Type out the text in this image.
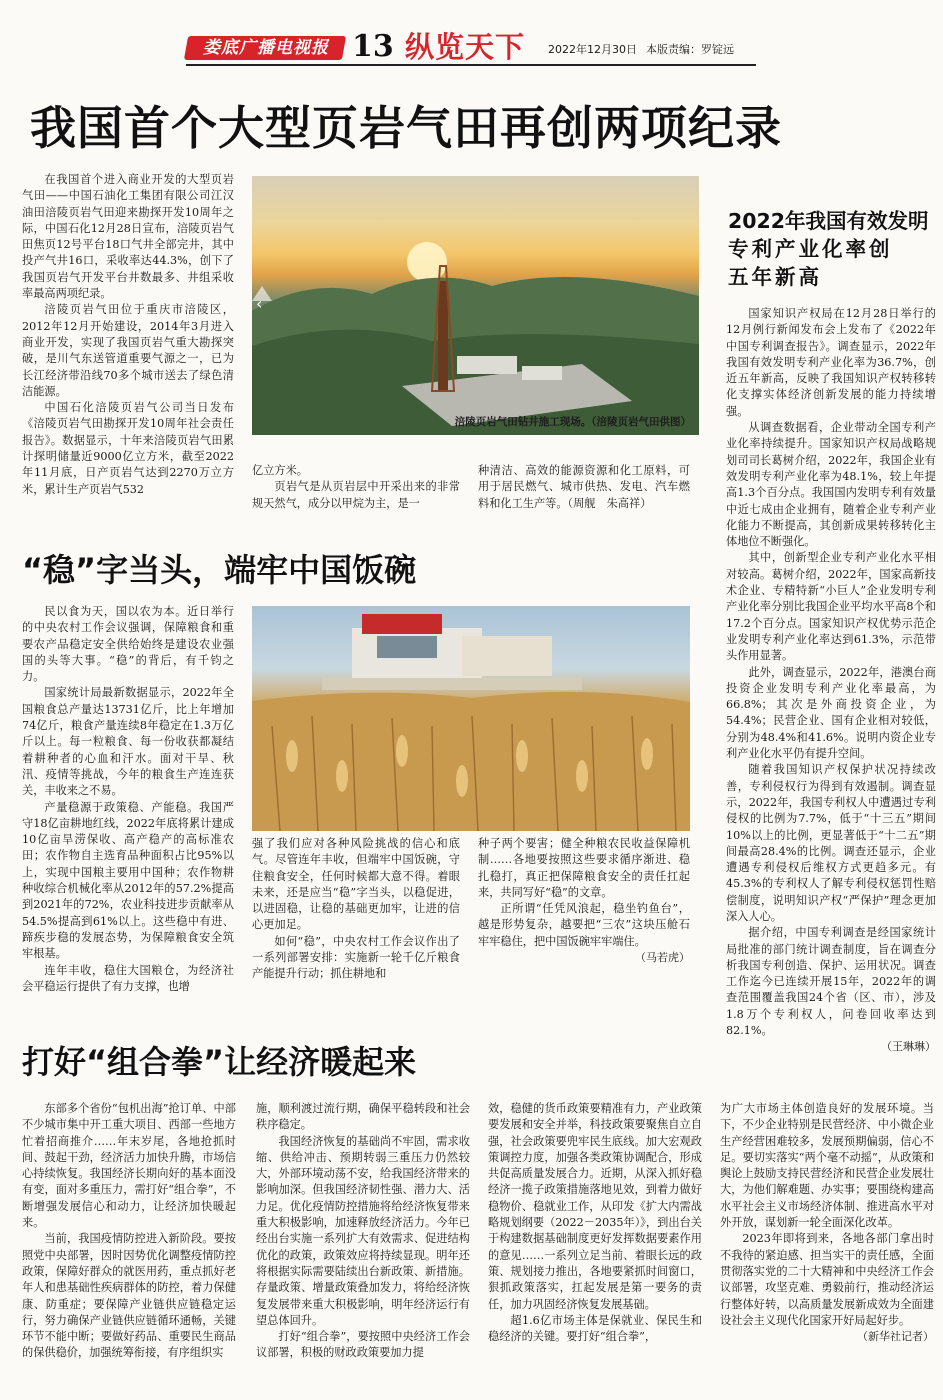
娄底广播电视报 13 纵览天下 2022年12月30日 本版责编：罗锭远
我国首个大型页岩气田再创两项纪录

在我国首个进入商业开发的大型页岩气田——中国石油化工集团有限公司江汉油田涪陵页岩气田迎来勘探开发10周年之际，中国石化12月28日宣布，涪陵页岩气田焦页12号平台18口气井全部完井，其中投产气井16口，采收率达44.3%，创下了我国页岩气开发平台井数最多、井组采收率最高两项纪录。

涪陵页岩气田位于重庆市涪陵区，2012年12月开始建设，2014年3月进入商业开发，实现了我国页岩气重大勘探突破，是川气东送管道重要气源之一，已为长江经济带沿线70多个城市送去了绿色清洁能源。

中国石化涪陵页岩气公司当日发布《涪陵页岩气田勘探开发10周年社会责任报告》。数据显示，十年来涪陵页岩气田累计探明储量近9000亿立方米，截至2022年11月底，日产页岩气达到2270万立方米，累计生产页岩气532

‹
涪陵页岩气田钻井施工现场。（涪陵页岩气田供图）

亿立方米。

页岩气是从页岩层中开采出来的非常规天然气，成分以甲烷为主，是一

种清洁、高效的能源资源和化工原料，可用于居民燃气、城市供热、发电、汽车燃料和化工生产等。（周舰　朱高祥）

“稳”字当头，端牢中国饭碗

民以食为天，国以农为本。近日举行的中央农村工作会议强调，保障粮食和重要农产品稳定安全供给始终是建设农业强国的头等大事。“稳”的背后，有千钧之力。

国家统计局最新数据显示，2022年全国粮食总产量达13731亿斤，比上年增加74亿斤，粮食产量连续8年稳定在1.3万亿斤以上。每一粒粮食、每一份收获都凝结着耕种者的心血和汗水。面对干旱、秋汛、疫情等挑战，今年的粮食生产连连获关，丰收来之不易。

产量稳源于政策稳、产能稳。我国严守18亿亩耕地红线，2022年底将累计建成10亿亩旱涝保收、高产稳产的高标准农田；农作物自主选育品种面积占比95%以上，实现中国粮主要用中国种；农作物耕种收综合机械化率从2012年的57.2%提高到2021年的72%，农业科技进步贡献率从54.5%提高到61%以上。这些稳中有进、蹄疾步稳的发展态势，为保障粮食安全筑牢根基。

连年丰收，稳住大国粮仓，为经济社会平稳运行提供了有力支撑，也增

强了我们应对各种风险挑战的信心和底气。尽管连年丰收，但端牢中国饭碗，守住粮食安全，任何时候都大意不得。着眼未来，还是应当“稳”字当头，以稳促进，以进固稳，让稳的基础更加牢，让进的信心更加足。

如何“稳”，中央农村工作会议作出了一系列部署安排：实施新一轮千亿斤粮食产能提升行动；抓住耕地和

种子两个要害；健全种粮农民收益保障机制……各地要按照这些要求循序渐进、稳扎稳打，真正把保障粮食安全的责任扛起来，共同写好“稳”的文章。

正所谓“任凭风浪起，稳坐钓鱼台”，越是形势复杂，越要把“三农”这块压舱石牢牢稳住，把中国饭碗牢牢端住。

（马若虎）
2022年我国有效发明
专利产业化率创
五年新高

国家知识产权局在12月28日举行的12月例行新闻发布会上发布了《2022年中国专利调查报告》。调查显示，2022年我国有效发明专利产业化率为36.7%，创近五年新高，反映了我国知识产权转移转化支撑实体经济创新发展的能力持续增强。

从调查数据看，企业带动全国专利产业化率持续提升。国家知识产权局战略规划司司长葛树介绍，2022年，我国企业有效发明专利产业化率为48.1%，较上年提高1.3个百分点。我国国内发明专利有效量中近七成由企业拥有，随着企业专利产业化能力不断提高，其创新成果转移转化主体地位不断强化。

其中，创新型企业专利产业化水平相对较高。葛树介绍，2022年，国家高新技术企业、专精特新“小巨人”企业发明专利产业化率分别比我国企业平均水平高8个和17.2个百分点。国家知识产权优势示范企业发明专利产业化率达到61.3%，示范带头作用显著。

此外，调查显示，2022年，港澳台商投资企业发明专利产业化率最高，为66.8%；其次是外商投资企业，为54.4%；民营企业、国有企业相对较低，分别为48.4%和41.6%。说明内资企业专利产业化水平仍有提升空间。

随着我国知识产权保护状况持续改善，专利侵权行为得到有效遏制。调查显示，2022年，我国专利权人中遭遇过专利侵权的比例为7.7%，低于“十三五”期间10%以上的比例，更显著低于“十二五”期间最高28.4%的比例。调查还显示，企业遭遇专利侵权后维权方式更趋多元。有45.3%的专利权人了解专利侵权惩罚性赔偿制度，说明知识产权“严保护”理念更加深入人心。

据介绍，中国专利调查是经国家统计局批准的部门统计调查制度，旨在调查分析我国专利创造、保护、运用状况。调查工作迄今已连续开展15年，2022年的调查范围覆盖我国24个省（区、市），涉及1.8万个专利权人，问卷回收率达到82.1%。

（王琳琳）
打好“组合拳”让经济暖起来

东部多个省份“包机出海”抢订单、中部不少城市集中开工重大项目、西部一些地方忙着招商推介……年末岁尾，各地抢抓时间、鼓起干劲，经济活力加快升腾，市场信心持续恢复。我国经济长期向好的基本面没有变，面对多重压力，需打好“组合拳”，不断增强发展信心和动力，让经济加快暖起来。

当前，我国疫情防控进入新阶段。要按照党中央部署，因时因势优化调整疫情防控政策，保障好群众的就医用药，重点抓好老年人和患基础性疾病群体的防控，着力保健康、防重症；要保障产业链供应链稳定运行，努力确保产业链供应链循环通畅，关键环节不能中断；要做好药品、重要民生商品的保供稳价，加强统筹衔接，有序组织实

施，顺利渡过流行期，确保平稳转段和社会秩序稳定。

我国经济恢复的基础尚不牢固，需求收缩、供给冲击、预期转弱三重压力仍然较大，外部环境动荡不安，给我国经济带来的影响加深。但我国经济韧性强、潜力大、活力足。优化疫情防控措施将给经济恢复带来重大积极影响，加速释放经济活力。今年已经出台实施一系列扩大有效需求、促进结构优化的政策，政策效应将持续显现。明年还将根据实际需要陆续出台新政策、新措施。存量政策、增量政策叠加发力，将给经济恢复发展带来重大积极影响，明年经济运行有望总体回升。

打好“组合拳”，要按照中央经济工作会议部署，积极的财政政策要加力提

效，稳健的货币政策要精准有力，产业政策要发展和安全并举，科技政策要聚焦自立自强，社会政策要兜牢民生底线。加大宏观政策调控力度，加强各类政策协调配合，形成共促高质量发展合力。近期，从深入抓好稳经济一揽子政策措施落地见效，到着力做好稳物价、稳就业工作，从印发《扩大内需战略规划纲要（2022－2035年）》，到出台关于构建数据基础制度更好发挥数据要素作用的意见……一系列立足当前、着眼长远的政策、规划接力推出，各地要紧抓时间窗口，狠抓政策落实，扛起发展是第一要务的责任，加力巩固经济恢复发展基础。

超1.6亿市场主体是保就业、保民生和稳经济的关键。要打好“组合拳”，

为广大市场主体创造良好的发展环境。当下，不少企业特别是民营经济、中小微企业生产经营困难较多，发展预期偏弱，信心不足。要切实落实“两个毫不动摇”，从政策和舆论上鼓励支持民营经济和民营企业发展壮大，为他们解难题、办实事；要围绕构建高水平社会主义市场经济体制、推进高水平对外开放，谋划新一轮全面深化改革。

2023年即将到来，各地各部门拿出时不我待的紧迫感、担当实干的责任感，全面贯彻落实党的二十大精神和中央经济工作会议部署，攻坚克难、勇毅前行，推动经济运行整体好转，以高质量发展新成效为全面建设社会主义现代化国家开好局起好步。

（新华社记者）
